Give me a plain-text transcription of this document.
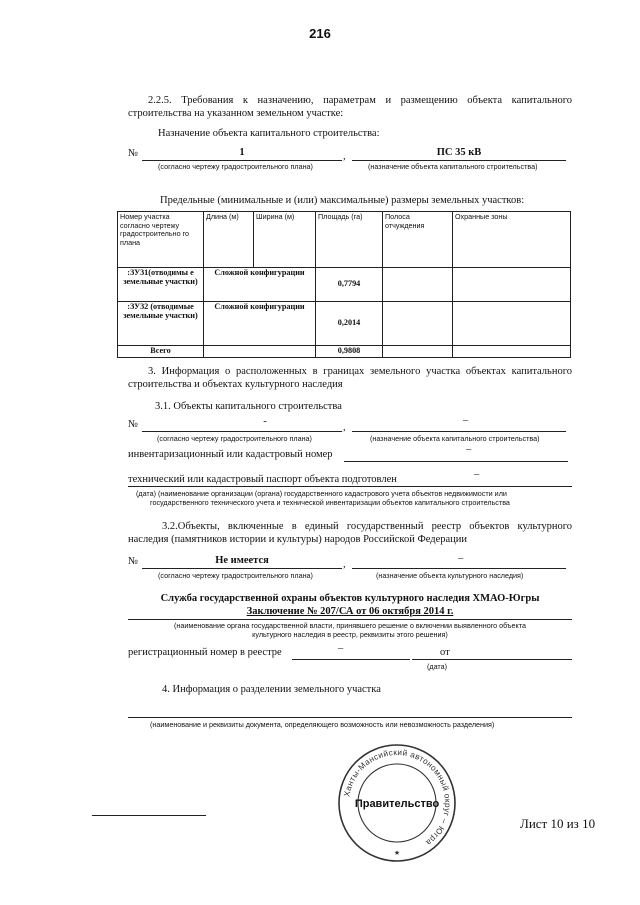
216
2.2.5. Требования к назначению, параметрам и размещению объекта капитального строительства на указанном земельном участке:
Назначение объекта капитального строительства:
№	1	,	ПС 35 кВ
(согласно чертежу градостроительного плана)	(назначение объекта капитального строительства)
Предельные (минимальные и (или) максимальные) размеры земельных участков:
Номер участка согласно чертежу градостроительно го плана	Длина (м)	Ширина (м)	Площадь (га)	Полоса отчуждения	Охранные зоны
:ЗУ31(отводимы е земельные участки)	Сложной конфигурации		0,7794		
:ЗУ32 (отводимые земельные участки)	Сложной конфигурации		0,2014		
Всего			0,9808		
3. Информация о расположенных в границах земельного участка объектах капитального строительства и объектах культурного наследия
3.1. Объекты капитального строительства
№	-
,
–
(согласно чертежу градостроительного плана)	(назначение объекта капитального строительства)
инвентаризационный или кадастровый номер	–
технический или кадастровый паспорт объекта подготовлен	–
(дата) (наименование организации (органа) государственного кадастрового учета объектов недвижимости или
государственного технического учета и технической инвентаризации объектов капитального строительства
3.2.Объекты, включенные в единый государственный реестр объектов культурного наследия (памятников истории и культуры) народов Российской Федерации
№	Не имеется	,
–
(согласно чертежу градостроительного плана)	(назначение объекта культурного наследия)
Служба государственной охраны объектов культурного наследия ХМАО-Югры
Заключение № 207/СА от 06 октября 2014 г.
(наименование органа государственной власти, принявшего решение о включении выявленного объекта
культурного наследия в реестр, реквизиты этого решения)
регистрационный номер в реестре	–	от
(дата)
4. Информация о разделении земельного участка
(наименование и реквизиты документа, определяющего возможность или невозможность разделения)
Ханты-Мансийский автономный округ – Югра
Правительство
★
Лист 10 из 10
